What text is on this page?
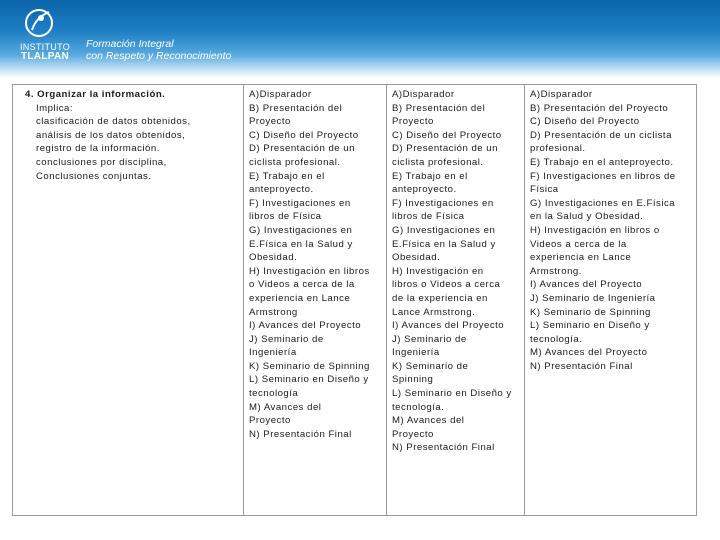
INSTITUTO
TLALPAN
Formación Integral
con Respeto y Reconocimiento
4. Organizar la información.
Implica:
clasificación de datos obtenidos,
análisis de los datos obtenidos,
registro de la información.
conclusiones por disciplina,
Conclusiones conjuntas.
A)Disparador
B) Presentación del
Proyecto
C) Diseño del Proyecto
D) Presentación de un
ciclista profesional.
E) Trabajo en el
anteproyecto.
F) Investigaciones en
libros de Física
G) Investigaciones en
E.Física en la Salud y
Obesidad.
H) Investigación en libros
o Videos a cerca de la
experiencia en Lance
Armstrong
I) Avances del Proyecto
J) Seminario de
Ingeniería
K) Seminario de Spinning
L) Seminario en Diseño y
tecnología
M) Avances del
Proyecto
N) Presentación Final
A)Disparador
B) Presentación del
Proyecto
C) Diseño del Proyecto
D) Presentación de un
ciclista profesional.
E) Trabajo en el
anteproyecto.
F) Investigaciones en
libros de Física
G) Investigaciones en
E.Física en la Salud y
Obesidad.
H) Investigación en
libros o Videos a cerca
de la experiencia en
Lance Armstrong.
I) Avances del Proyecto
J) Seminario de
Ingeniería
K) Seminario de
Spinning
L) Seminario en Diseño y
tecnología.
M) Avances del
Proyecto
N) Presentación Final
A)Disparador
B) Presentación del Proyecto
C) Diseño del Proyecto
D) Presentación de un ciclista
profesional.
E) Trabajo en el anteproyecto.
F) Investigaciones en libros de
Física
G) Investigaciones en E.Física
en la Salud y Obesidad.
H) Investigación en libros o
Videos a cerca de la
experiencia en Lance
Armstrong.
I) Avances del Proyecto
J) Seminario de Ingeniería
K) Seminario de Spinning
L) Seminario en Diseño y
tecnología.
M) Avances del Proyecto
N) Presentación Final
